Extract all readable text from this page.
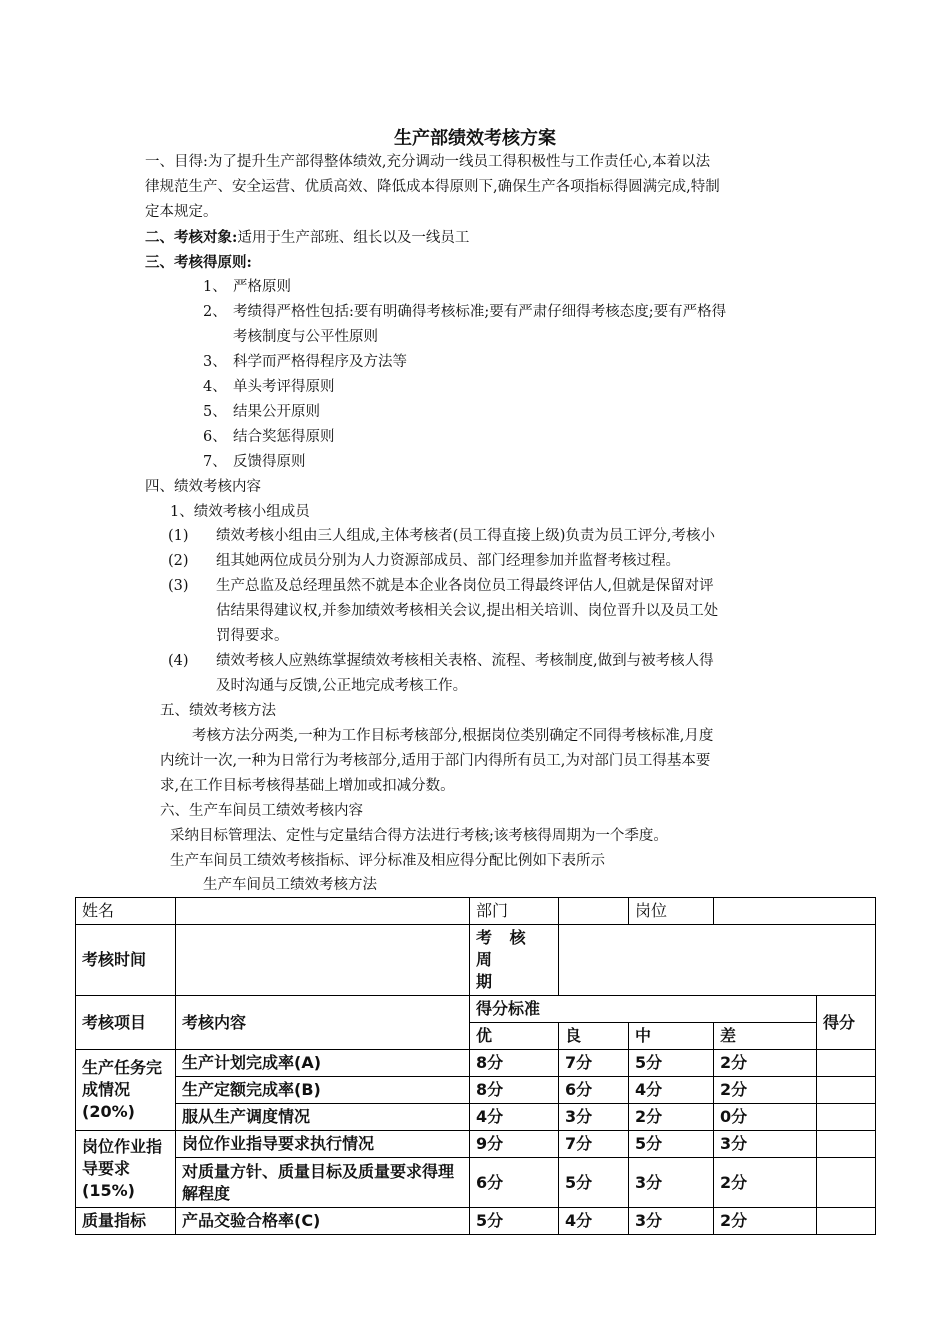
生产部绩效考核方案
一、目得:为了提升生产部得整体绩效,充分调动一线员工得积极性与工作责任心,本着以法
律规范生产、安全运营、优质高效、降低成本得原则下,确保生产各项指标得圆满完成,特制
定本规定。
二、考核对象:适用于生产部班、组长以及一线员工
三、考核得原则:
1、 严格原则
2、 考绩得严格性包括:要有明确得考核标准;要有严肃仔细得考核态度;要有严格得
考核制度与公平性原则
3、 科学而严格得程序及方法等
4、 单头考评得原则
5、 结果公开原则
6、 结合奖惩得原则
7、 反馈得原则
四、绩效考核内容
1、绩效考核小组成员
(1) 绩效考核小组由三人组成,主体考核者(员工得直接上级)负责为员工评分,考核小
(2) 组其她两位成员分别为人力资源部成员、部门经理参加并监督考核过程。
(3) 生产总监及总经理虽然不就是本企业各岗位员工得最终评估人,但就是保留对评
估结果得建议权,并参加绩效考核相关会议,提出相关培训、岗位晋升以及员工处
罚得要求。
(4) 绩效考核人应熟练掌握绩效考核相关表格、流程、考核制度,做到与被考核人得
及时沟通与反馈,公正地完成考核工作。
五、绩效考核方法
考核方法分两类,一种为工作目标考核部分,根据岗位类别确定不同得考核标准,月度
内统计一次,一种为日常行为考核部分,适用于部门内得所有员工,为对部门员工得基本要
求,在工作目标考核得基础上增加或扣减分数。
六、生产车间员工绩效考核内容
采纳目标管理法、定性与定量结合得方法进行考核;该考核得周期为一个季度。
生产车间员工绩效考核指标、评分标准及相应得分配比例如下表所示
生产车间员工绩效考核方法
姓名		部门		岗位		
考核时间		考 核 周
期				
考核项目	考核内容	得分标准				得分
		优	良	中	差	
生产任务完成情况(20%)	生产计划完成率(A)	8分	7分	5分	2分	
	生产定额完成率(B)	8分	6分	4分	2分	
	服从生产调度情况	4分	3分	2分	0分	
岗位作业指导要求(15%)	岗位作业指导要求执行情况	9分	7分	5分	3分	
	对质量方针、质量目标及质量要求得理解程度	6分	5分	3分	2分	
质量指标	产品交验合格率(C)	5分	4分	3分	2分	
